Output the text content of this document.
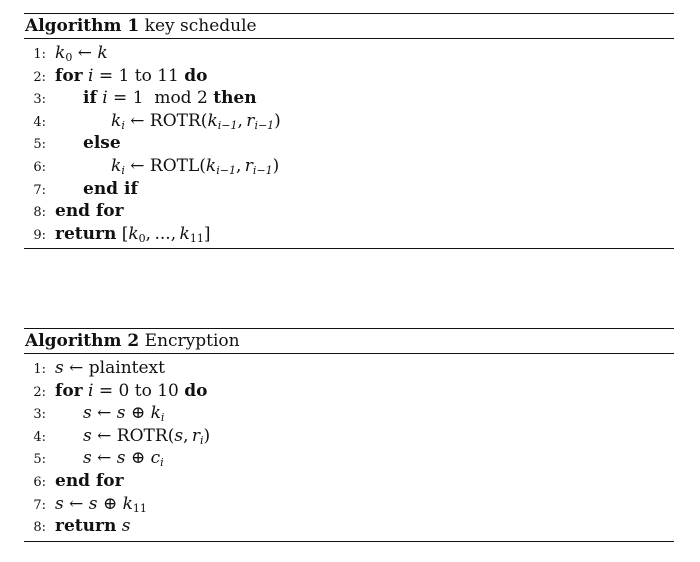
Algorithm 1 key schedule
1: $k_0$ ← k
2: for i = 1 to 11 do
3: if i = 1 mod 2 then
4:	$k_i$ ← $ROTR(k_{i-1}$, $r_{i-1}$)
5: else
6:	$k_i$ ← $ROTL(k_{i-1}$, $r_{i-1}$)
7: end if
8: end for
9: return [$k_0$, ...,  $k_{11}$]
Algorithm 2 Encryption
1: s ← plaintext
2: for i = 0 to 10 do
3: s ← s ⊕ $k_i$
4: s ← ROTR(s, $r_i$)
5: s ← s ⊕ $c_i$
6: end for
7: s ← s ⊕ $k_{11}$
8: return s
